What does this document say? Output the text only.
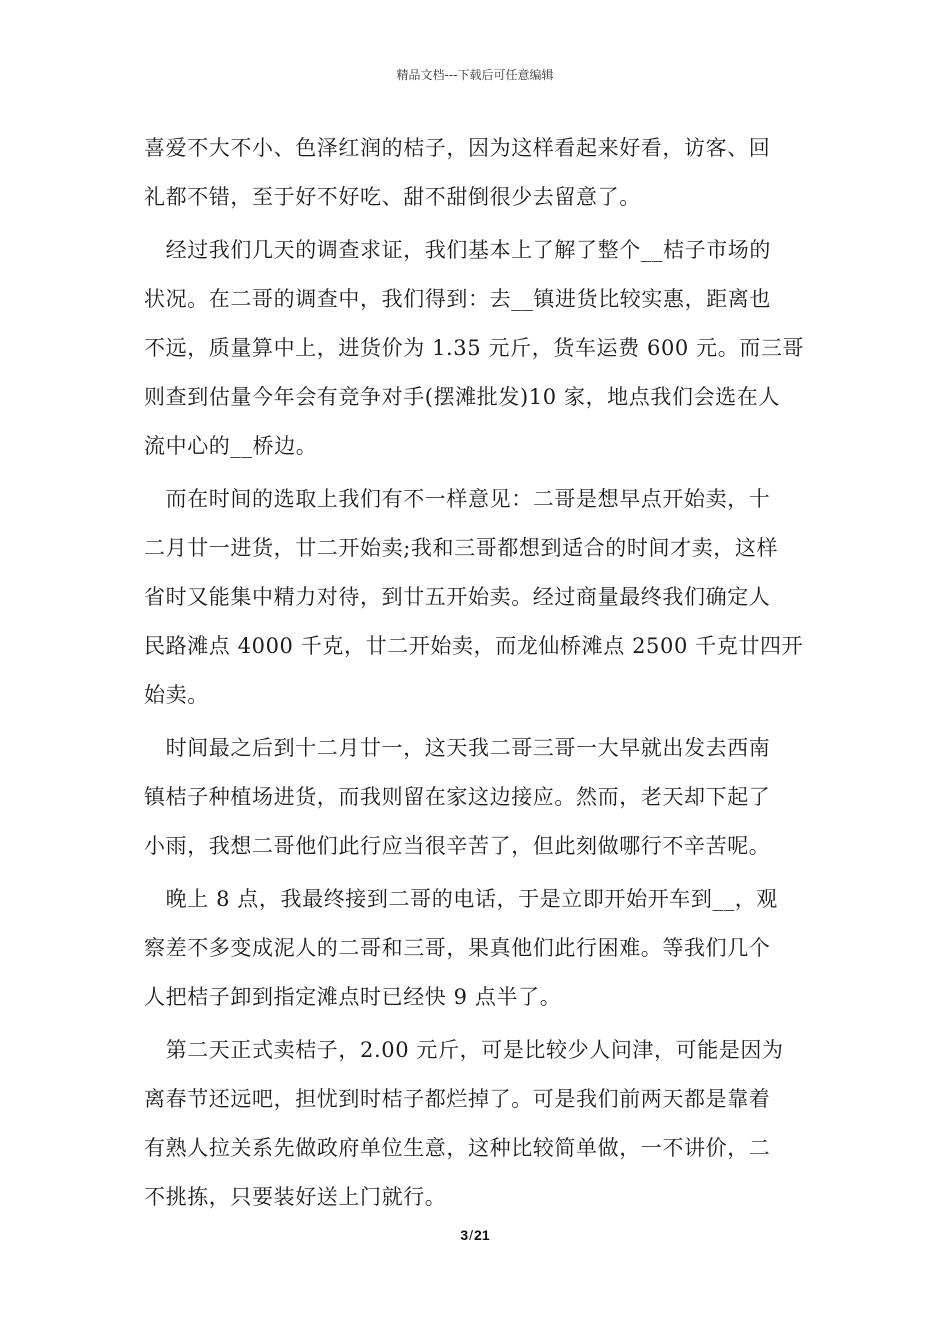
精品文档---下载后可任意编辑
喜爱不大不小、色泽红润的桔子，因为这样看起来好看，访客、回
礼都不错，至于好不好吃、甜不甜倒很少去留意了。
　经过我们几天的调查求证，我们基本上了解了整个__桔子市场的
状况。在二哥的调查中，我们得到：去__镇进货比较实惠，距离也
不远，质量算中上，进货价为 1.35 元斤，货车运费 600 元。而三哥
则查到估量今年会有竞争对手(摆滩批发)10 家，地点我们会选在人
流中心的__桥边。
　而在时间的选取上我们有不一样意见：二哥是想早点开始卖，十
二月廿一进货，廿二开始卖;我和三哥都想到适合的时间才卖，这样
省时又能集中精力对待，到廿五开始卖。经过商量最终我们确定人
民路滩点 4000 千克，廿二开始卖，而龙仙桥滩点 2500 千克廿四开
始卖。
　时间最之后到十二月廿一，这天我二哥三哥一大早就出发去西南
镇桔子种植场进货，而我则留在家这边接应。然而，老天却下起了
小雨，我想二哥他们此行应当很辛苦了，但此刻做哪行不辛苦呢。
　晚上 8 点，我最终接到二哥的电话，于是立即开始开车到__，观
察差不多变成泥人的二哥和三哥，果真他们此行困难。等我们几个
人把桔子卸到指定滩点时已经快 9 点半了。
　第二天正式卖桔子，2.00 元斤，可是比较少人问津，可能是因为
离春节还远吧，担忧到时桔子都烂掉了。可是我们前两天都是靠着
有熟人拉关系先做政府单位生意，这种比较简单做，一不讲价，二
不挑拣，只要装好送上门就行。
3/21
